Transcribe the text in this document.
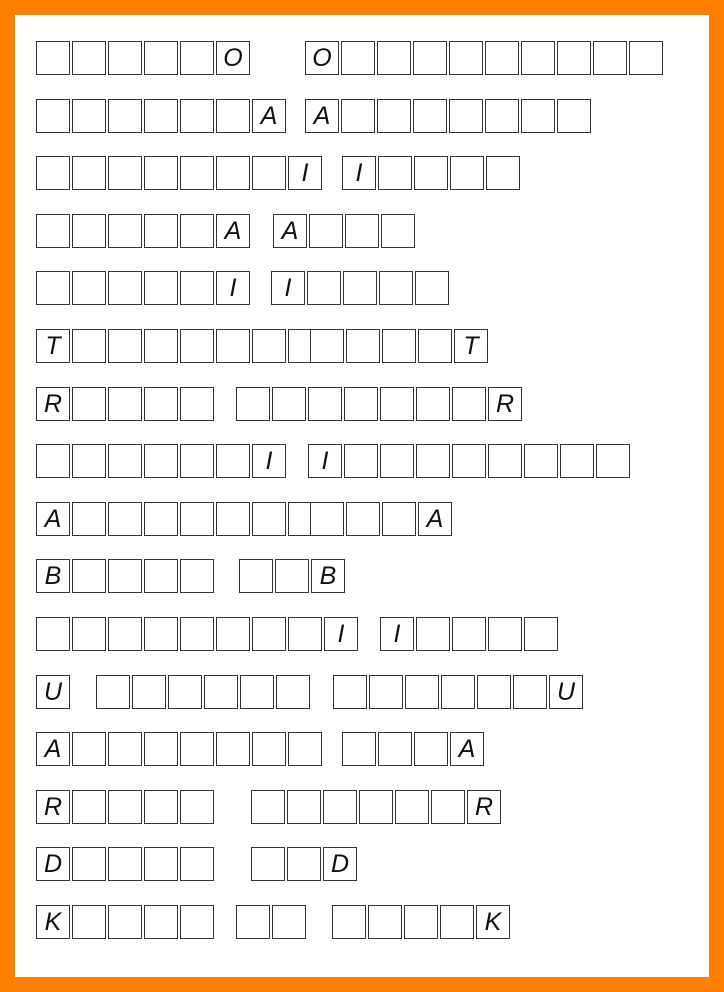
O	O
A	A
I	I
A	A
I	I
T	T
R	R
I	I
A	A
B	B
I	I
U	U
A	A
R	R
D	D
K	K
